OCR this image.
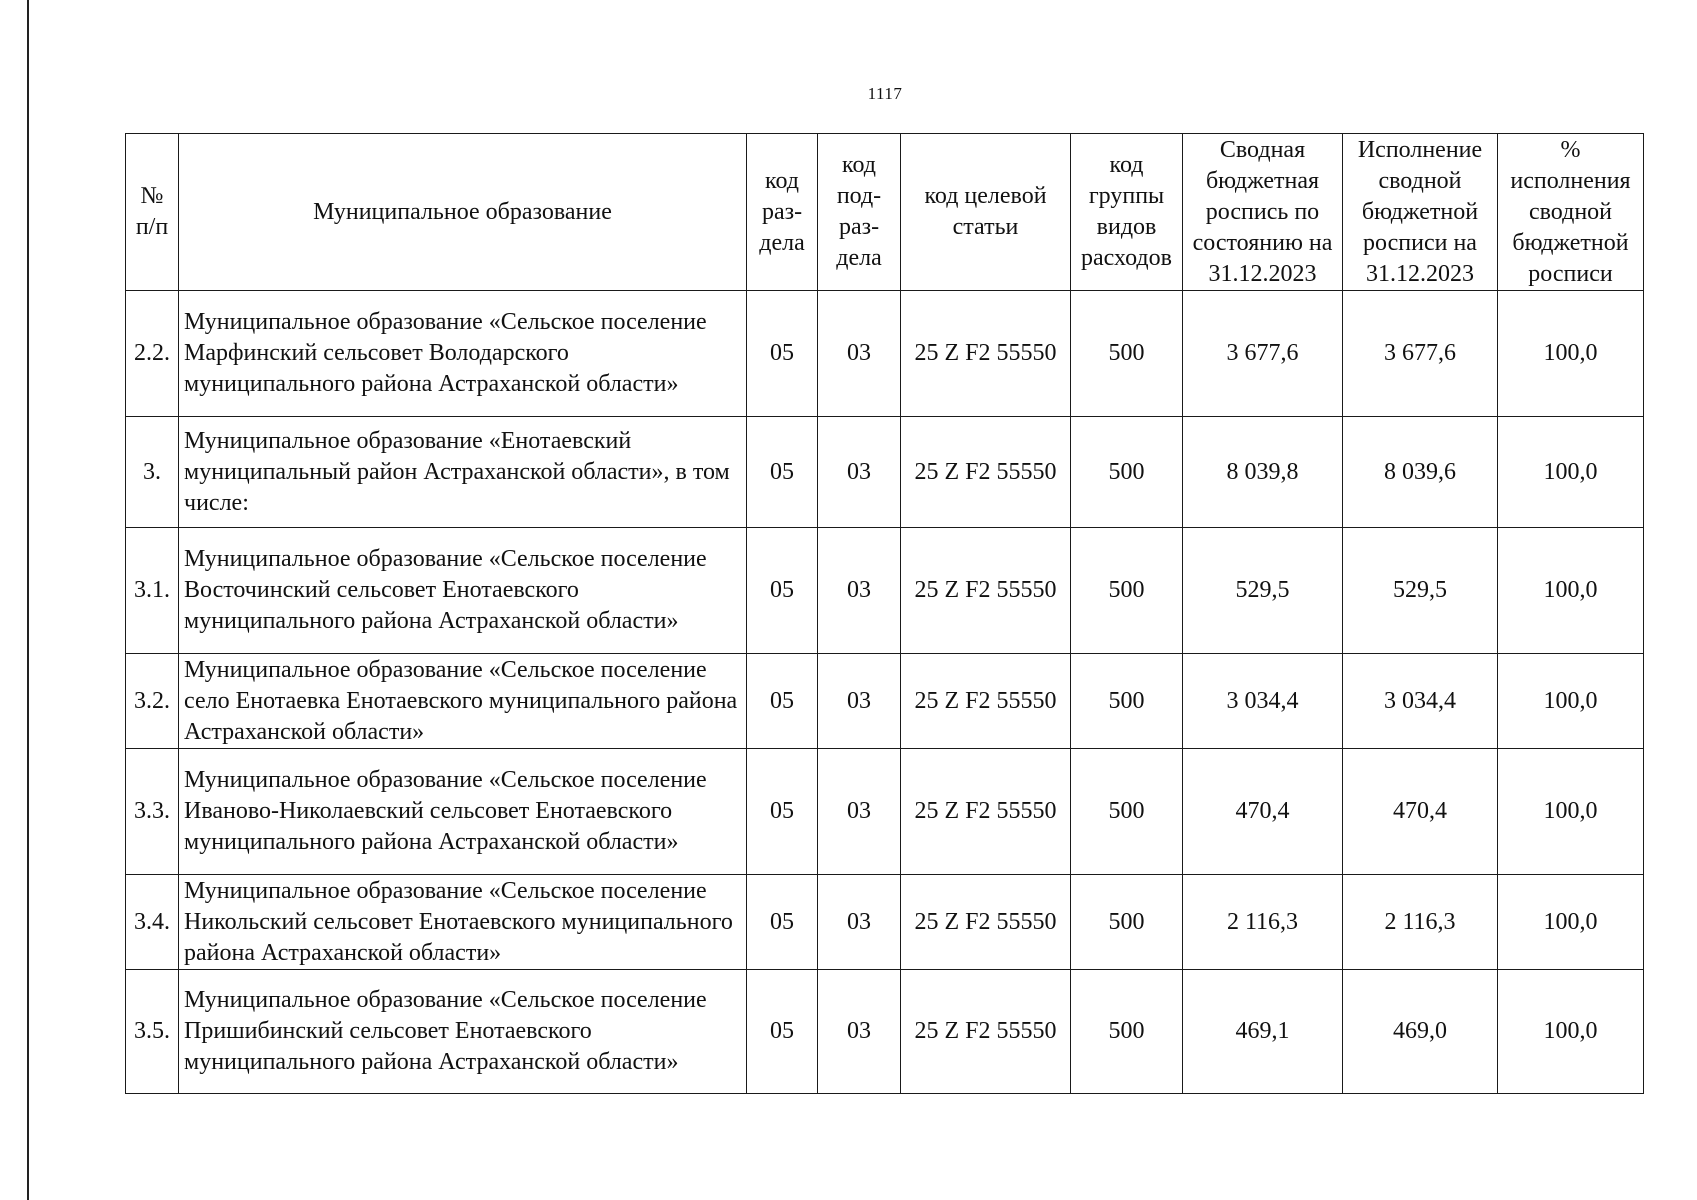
1117
№ п/п	Муниципальное образование	код раз-дела	код под-раз-дела	код целевой статьи	код группы видов расходов	Сводная бюджетная роспись по состоянию на 31.12.2023	Исполнение сводной бюджетной росписи на 31.12.2023	% исполнения сводной бюджетной росписи
2.2.	Муниципальное образование «Сельское поселение Марфинский сельсовет Володарского муниципального района Астраханской области»	05	03	25 Z F2 55550	500	3 677,6	3 677,6	100,0
3.	Муниципальное образование «Енотаевский муниципальный район Астраханской области», в том числе:	05	03	25 Z F2 55550	500	8 039,8	8 039,6	100,0
3.1.	Муниципальное образование «Сельское поселение Восточинский сельсовет Енотаевского муниципального района Астраханской области»	05	03	25 Z F2 55550	500	529,5	529,5	100,0
3.2.	Муниципальное образование «Сельское поселение село Енотаевка Енотаевского муниципального района Астраханской области»	05	03	25 Z F2 55550	500	3 034,4	3 034,4	100,0
3.3.	Муниципальное образование «Сельское поселение Иваново-Николаевский сельсовет Енотаевского муниципального района Астраханской области»	05	03	25 Z F2 55550	500	470,4	470,4	100,0
3.4.	Муниципальное образование «Сельское поселение Никольский сельсовет Енотаевского муниципального района Астраханской области»	05	03	25 Z F2 55550	500	2 116,3	2 116,3	100,0
3.5.	Муниципальное образование «Сельское поселение Пришибинский сельсовет Енотаевского муниципального района Астраханской области»	05	03	25 Z F2 55550	500	469,1	469,0	100,0
